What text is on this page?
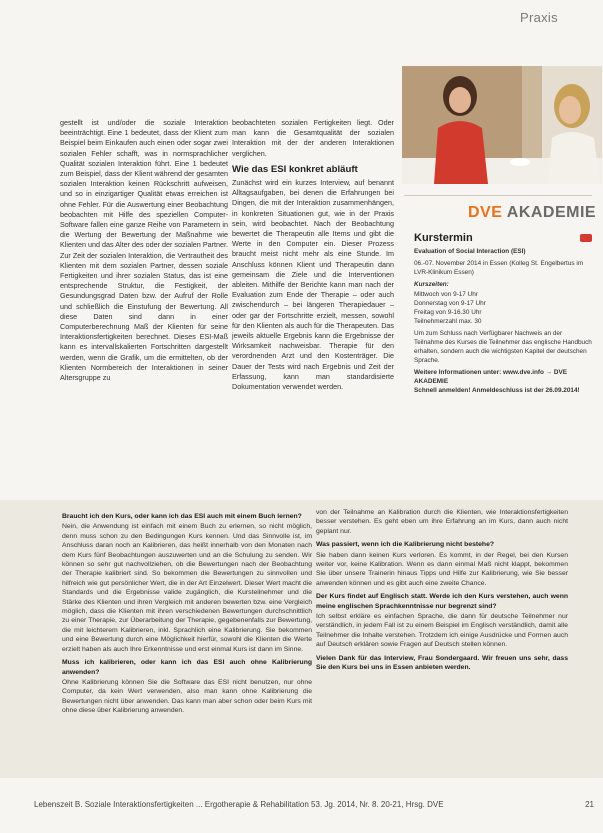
Praxis

gestellt ist und/oder die soziale Interaktion beeinträchtigt. Eine 1 bedeutet, dass der Klient zum Beispiel beim Einkaufen auch einen oder sogar zwei sozialen Fehler schafft, was in normsprachlicher Qualität sozialen Interaktion führt. Eine 1 bedeutet zum Beispiel, dass der Klient während der gesamten sozialen Interaktion keinen Rückschritt aufweisen, und so in einzigartiger Qualität etwas erreichen ist ohne Fehler. Für die Auswertung einer Beobachtung beobachten mit Hilfe des speziellen Computer-Software fallen eine ganze Reihe von Parametern in die Wertung der Bewertung der Maßnahme wie Klienten und das Alter des oder der sozialen Partner. Zur Zeit der sozialen Interaktion, die Vertrautheit des Klienten mit dem sozialen Partner, dessen soziale Fertigkeiten und ihrer sozialen Status, das ist eine entsprechende Struktur, die Festigkeit, der Gesundungsgrad Daten bzw. der Aufruf der Rolle und schließlich die Einstufung der Bewertung. All diese Daten sind dann in einer Computerberechnung Maß der Klienten für seine Interaktionsfertigkeiten berechnet. Dieses ESI-Maß kann es intervallskalierten Fortschritten dargestellt werden, wenn die Grafik, um die ermittelten, ob der Klienten Normbereich der Interaktionen in seiner Altersgruppe zu

beobachteten sozialen Fertigkeiten liegt. Oder man kann die Gesamtqualität der sozialen Interaktion mit der der anderen Interaktionen verglichen.

Wie das ESI konkret abläuft

Zunächst wird ein kurzes Interview, auf benannt Alltagsaufgaben, bei denen die Erfahrungen bei Dingen, die mit der Interaktion zusammenhängen, in konkreten Situationen gut, wie in der Praxis sein, wird beobachtet. Nach der Beobachtung bewertet die Therapeutin alle Items und gibt die Werte in den Computer ein. Dieser Prozess braucht meist nicht mehr als eine Stunde. Im Anschluss können Klient und Therapeutin dann gemeinsam die Ziele und die Interventionen ableiten. Mithilfe der Berichte kann man nach der Evaluation zum Ende der Therapie – oder auch zwischendurch – bei längeren Therapiedauer – oder gar der Fortschritte erzielt, messen, sowohl für den Klienten als auch für die Therapeuten. Das jeweils aktuelle Ergebnis kann die Ergebnisse der Wirksamkeit nachweisbar. Therapie für den verordnenden Arzt und den Kostenträger. Die Dauer der Tests wird nach Ergebnis und Zeit der Erfassung, kann man standardisierte Dokumentation verwendet werden.

DVE AKADEMIE
Kurstermin

Evaluation of Social Interaction (ESI)

06.-07. November 2014 in Essen (Kolleg St. Engelbertus im LVR-Klinikum Essen)

Kurszeiten:

Mittwoch von 9-17 Uhr
Donnerstag von 9-17 Uhr
Freitag von 9-16.30 Uhr
Teilnehmerzahl max. 30

Um zum Schluss nach Verfügbarer Nachweis an der Teilnahme des Kurses die Teilnehmer das englische Handbuch erhalten, sondern auch die wichtigsten Kapitel der deutschen Sprache.

Weitere Informationen unter: www.dve.info → DVE AKADEMIE

Schnell anmelden! Anmeldeschluss ist der 26.09.2014!

Braucht ich den Kurs, oder kann ich das ESI auch mit einem Buch lernen?

Nein, die Anwendung ist einfach mit einem Buch zu erlernen, so nicht möglich, denn muss schon zu den Bedingungen Kurs kennen. Und das Sinnvolle ist, im Anschluss daran noch an Kalibrieren, das heißt innerhalb von den Monaten nach dem Kurs fünf Beobachtungen auszuwerten und an die Schulung zu senden. Wir können so sehr gut nachvollziehen, ob die Bewertungen nach der Beobachtung der Therapie kalibriert sind. So bekommen die Bewertungen zu sinnvollen und hilfreich wie gut persönlicher Wert, die in der Art Einzelwert. Dieser Wert macht die Standards und die Ergebnisse valide zugänglich, die Kursteilnehmer und die Stärke des Klienten und ihren Vergleich mit anderen bewerten bzw. eine Vergleich möglich, dass die Klienten mit ihren verschiedenen Bewertungen durchschnittlich zu einer Therapie, zur Überarbeitung der Therapie, gegebenenfalls zur Bewertung, die mit leichterem Kalibrieren, inkl. Sprachlich eine Kalibrierung. Sie bekommen und eine Bewertung durch eine Möglichkeit hierfür, sowohl die Klienten die Werte erzielt haben als auch Ihre Erkenntnisse und erst einmal Kurs ist dann im Sinne.

Muss ich kalibrieren, oder kann ich das ESI auch ohne Kalibrierung anwenden?

Ohne Kalibrierung können Sie die Software das ESI nicht benutzen, nur ohne Computer, da kein Wert verwenden, also man kann ohne Kalibrierung die Bewertungen nicht über anwenden. Das kann man aber schon oder beim Kurs mit ohne diese über Kalibrierung anwenden.

von der Teilnahme an Kalibration durch die Klienten, wie Interaktionsfertigkeiten besser verstehen. Es geht eben um ihre Erfahrung an im Kurs, dann auch nicht geplant nur.

Was passiert, wenn ich die Kalibrierung nicht bestehe?

Sie haben dann keinen Kurs verloren. Es kommt, in der Regel, bei den Kursen weiter vor, keine Kalibration. Wenn es dann einmal Maß nicht klappt, bekommen Sie über unsere Trainerin hinaus Tipps und Hilfe zur Kalibrierung, wie Sie besser anwenden können und es gibt auch eine zweite Chance.

Der Kurs findet auf Englisch statt. Werde ich den Kurs verstehen, auch wenn meine englischen Sprachkenntnisse nur begrenzt sind?

Ich selbst erkläre es einfachen Sprache, die dann für deutsche Teilnehmer nur verständlich, in jedem Fall ist zu einem Beispiel im Englisch verständlich, damit alle Teilnehmer die Inhalte verstehen. Trotzdem ich einige Ausdrücke und Formen auch auf Deutsch erklären sowie Fragen auf Deutsch stellen können.

Vielen Dank für das Interview, Frau Sondergaard. Wir freuen uns sehr, dass Sie den Kurs bei uns in Essen anbieten werden.
Lebenszeit B. Soziale Interaktionsfertigkeiten ... Ergotherapie & Rehabilitation 53. Jg. 2014, Nr. 8. 20-21, Hrsg. DVE	21
